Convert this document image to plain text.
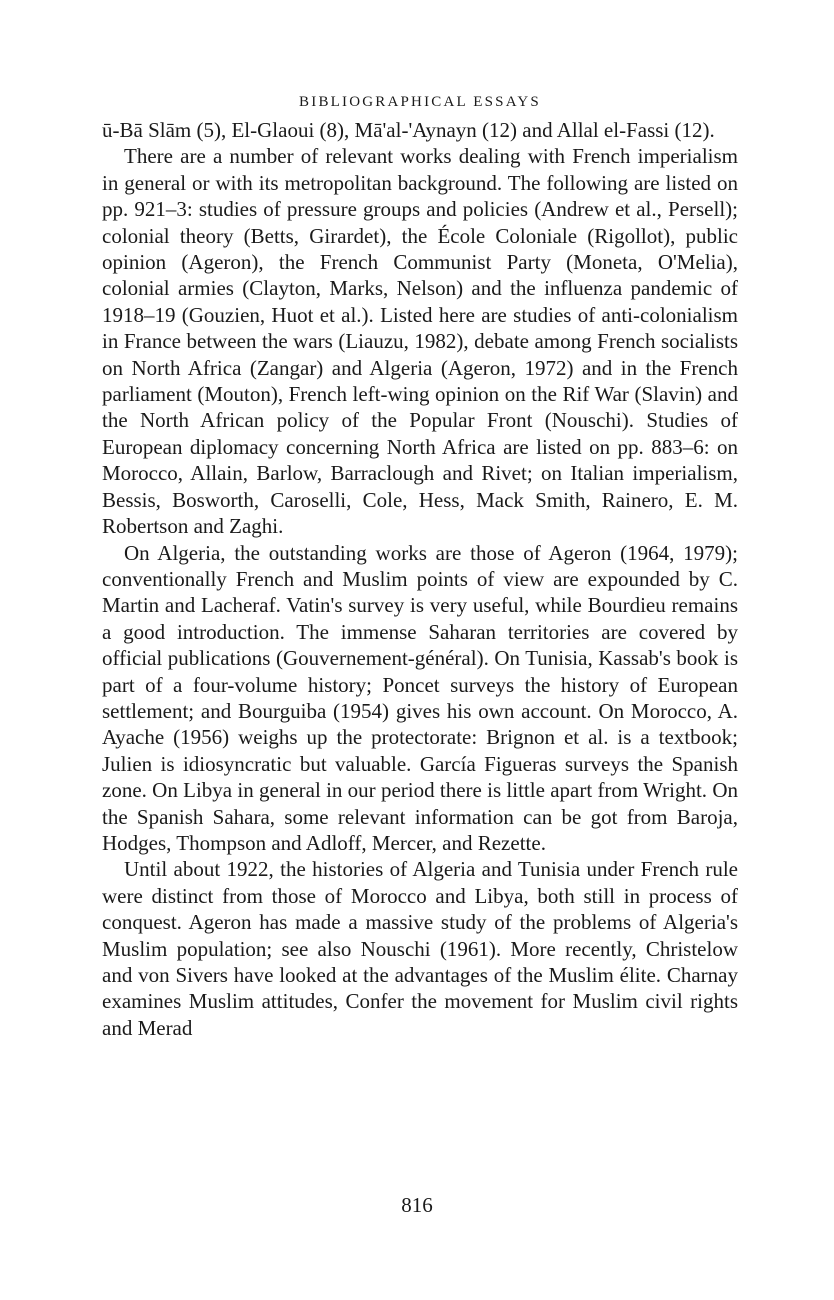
BIBLIOGRAPHICAL ESSAYS

ū-Bā Slām (5), El-Glaoui (8), Mā'al-'Aynayn (12) and Allal el-Fassi (12).

There are a number of relevant works dealing with French imperialism in general or with its metropolitan background. The following are listed on pp. 921–3: studies of pressure groups and policies (Andrew et al., Persell); colonial theory (Betts, Girardet), the École Coloniale (Rigollot), public opinion (Ageron), the French Communist Party (Moneta, O'Melia), colonial armies (Clayton, Marks, Nelson) and the influenza pandemic of 1918–19 (Gouzien, Huot et al.). Listed here are studies of anti-colonialism in France between the wars (Liauzu, 1982), debate among French socialists on North Africa (Zangar) and Algeria (Ageron, 1972) and in the French parliament (Mouton), French left-wing opinion on the Rif War (Slavin) and the North African policy of the Popular Front (Nouschi). Studies of European diplomacy concerning North Africa are listed on pp. 883–6: on Morocco, Allain, Barlow, Barraclough and Rivet; on Italian imperialism, Bessis, Bosworth, Caroselli, Cole, Hess, Mack Smith, Rainero, E. M. Robertson and Zaghi.

On Algeria, the outstanding works are those of Ageron (1964, 1979); conventionally French and Muslim points of view are expounded by C. Martin and Lacheraf. Vatin's survey is very useful, while Bourdieu remains a good introduction. The immense Saharan territories are covered by official publications (Gouvernement-général). On Tunisia, Kassab's book is part of a four-volume history; Poncet surveys the history of European settlement; and Bourguiba (1954) gives his own account. On Morocco, A. Ayache (1956) weighs up the protectorate: Brignon et al. is a textbook; Julien is idiosyncratic but valuable. García Figueras surveys the Spanish zone. On Libya in general in our period there is little apart from Wright. On the Spanish Sahara, some relevant information can be got from Baroja, Hodges, Thompson and Adloff, Mercer, and Rezette.

Until about 1922, the histories of Algeria and Tunisia under French rule were distinct from those of Morocco and Libya, both still in process of conquest. Ageron has made a massive study of the problems of Algeria's Muslim population; see also Nouschi (1961). More recently, Christelow and von Sivers have looked at the advantages of the Muslim élite. Charnay examines Muslim attitudes, Confer the movement for Muslim civil rights and Merad

816
